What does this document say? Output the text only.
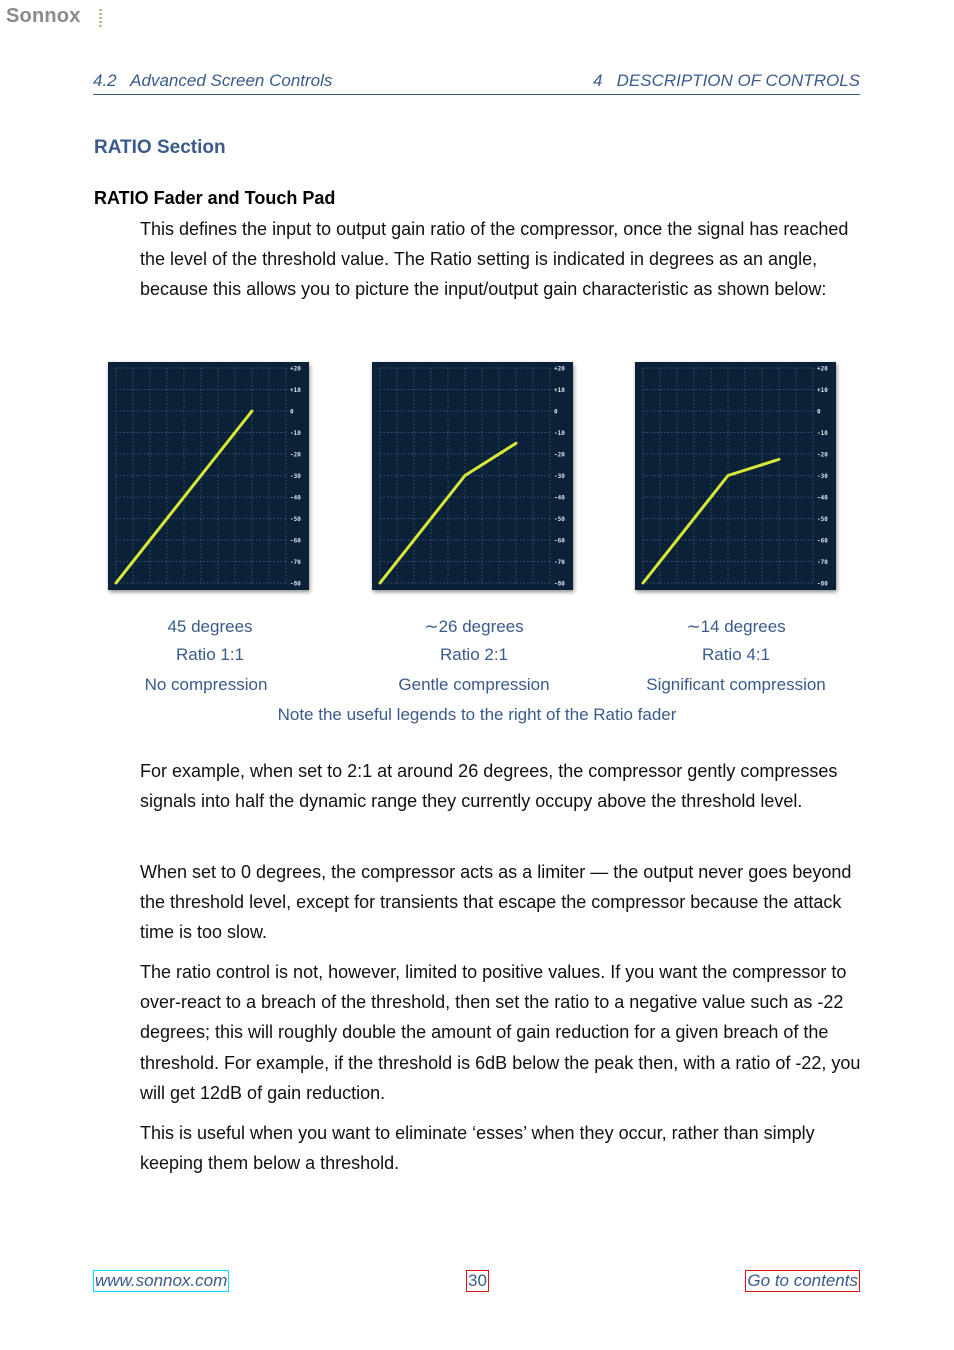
Sonnox
4.2   Advanced Screen Controls	4   DESCRIPTION OF CONTROLS
RATIO Section
RATIO Fader and Touch Pad
This defines the input to output gain ratio of the compressor, once the signal has reached the level of the threshold value. The Ratio setting is indicated in degrees as an angle, because this allows you to picture the input/output gain characteristic as shown below:
+20
+10
0
-10
-20
-30
-40
-50
-60
-70
-80
+20
+10
0
-10
-20
-30
-40
-50
-60
-70
-80
+20
+10
0
-10
-20
-30
-40
-50
-60
-70
-80
45 degrees
Ratio 1:1
No compression
∼26 degrees
Ratio 2:1
Gentle compression
∼14 degrees
Ratio 4:1
Significant compression
Note the useful legends to the right of the Ratio fader
For example, when set to 2:1 at around 26 degrees, the compressor gently compresses signals into half the dynamic range they currently occupy above the threshold level.
When set to 0 degrees, the compressor acts as a limiter — the output never goes beyond the threshold level, except for transients that escape the compressor because the attack time is too slow.
The ratio control is not, however, limited to positive values. If you want the compressor to over-react to a breach of the threshold, then set the ratio to a negative value such as -22 degrees; this will roughly double the amount of gain reduction for a given breach of the threshold. For example, if the threshold is 6dB below the peak then, with a ratio of -22, you will get 12dB of gain reduction.
This is useful when you want to eliminate ‘esses’ when they occur, rather than simply keeping them below a threshold.
www.sonnox.com	30	Go to contents
